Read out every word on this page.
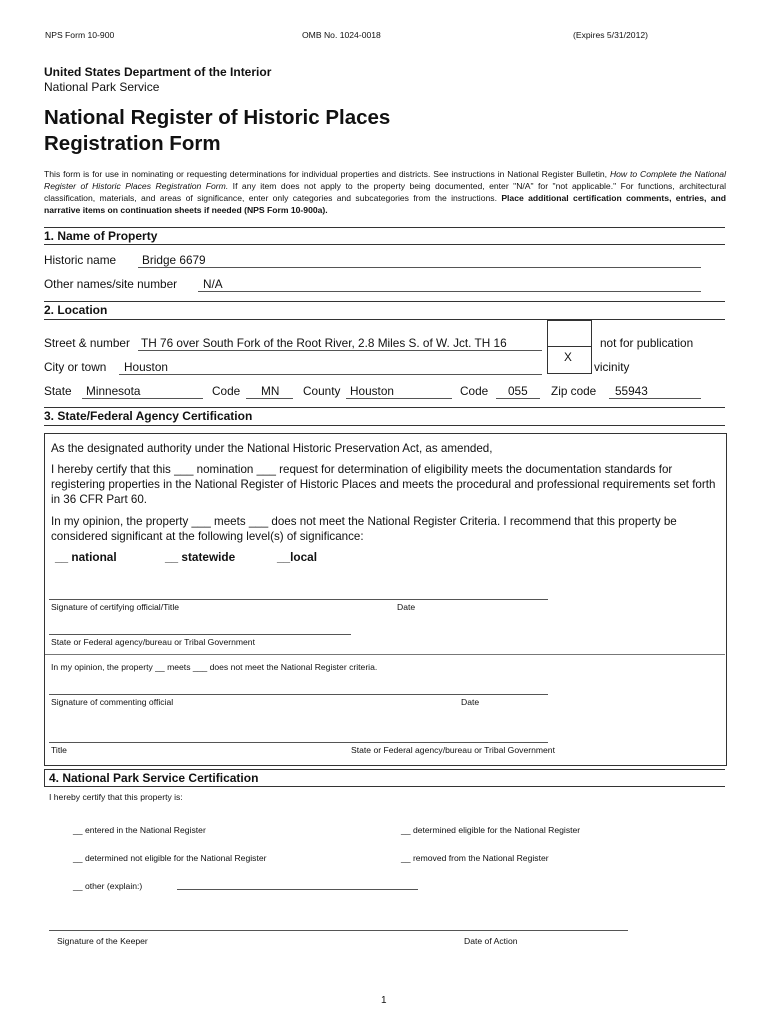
NPS Form 10-900	OMB No. 1024-0018	(Expires 5/31/2012)
United States Department of the Interior
National Park Service
National Register of Historic Places
Registration Form
This form is for use in nominating or requesting determinations for individual properties and districts. See instructions in National Register Bulletin, How to Complete the National Register of Historic Places Registration Form. If any item does not apply to the property being documented, enter "N/A" for "not applicable." For functions, architectural classification, materials, and areas of significance, enter only categories and subcategories from the instructions. Place additional certification comments, entries, and narrative items on continuation sheets if needed (NPS Form 10-900a).
1. Name of Property
Historic name Bridge 6679
Other names/site number N/A
2. Location
Street & number TH 76 over South Fork of the Root River, 2.8 Miles S. of W. Jct. TH 16	not for publication
X
vicinity
City or town Houston
State Minnesota	Code MN County Houston	Code 055 Zip code 55943
3. State/Federal Agency Certification
As the designated authority under the National Historic Preservation Act, as amended,
I hereby certify that this ___ nomination ___ request for determination of eligibility meets the documentation standards for registering properties in the National Register of Historic Places and meets the procedural and professional requirements set forth in 36 CFR Part 60.
In my opinion, the property ___ meets ___ does not meet the National Register Criteria. I recommend that this property be considered significant at the following level(s) of significance:
__ national	__ statewide	__local
Signature of certifying official/Title	Date
State or Federal agency/bureau or Tribal Government
In my opinion, the property __ meets ___ does not meet the National Register criteria.
Signature of commenting official	Date
Title	State or Federal agency/bureau or Tribal Government
4. National Park Service Certification
I hereby certify that this property is:
__ entered in the National Register	__ determined eligible for the National Register
__ determined not eligible for the National Register	__ removed from the National Register
__ other (explain:)
Signature of the Keeper	Date of Action
1
